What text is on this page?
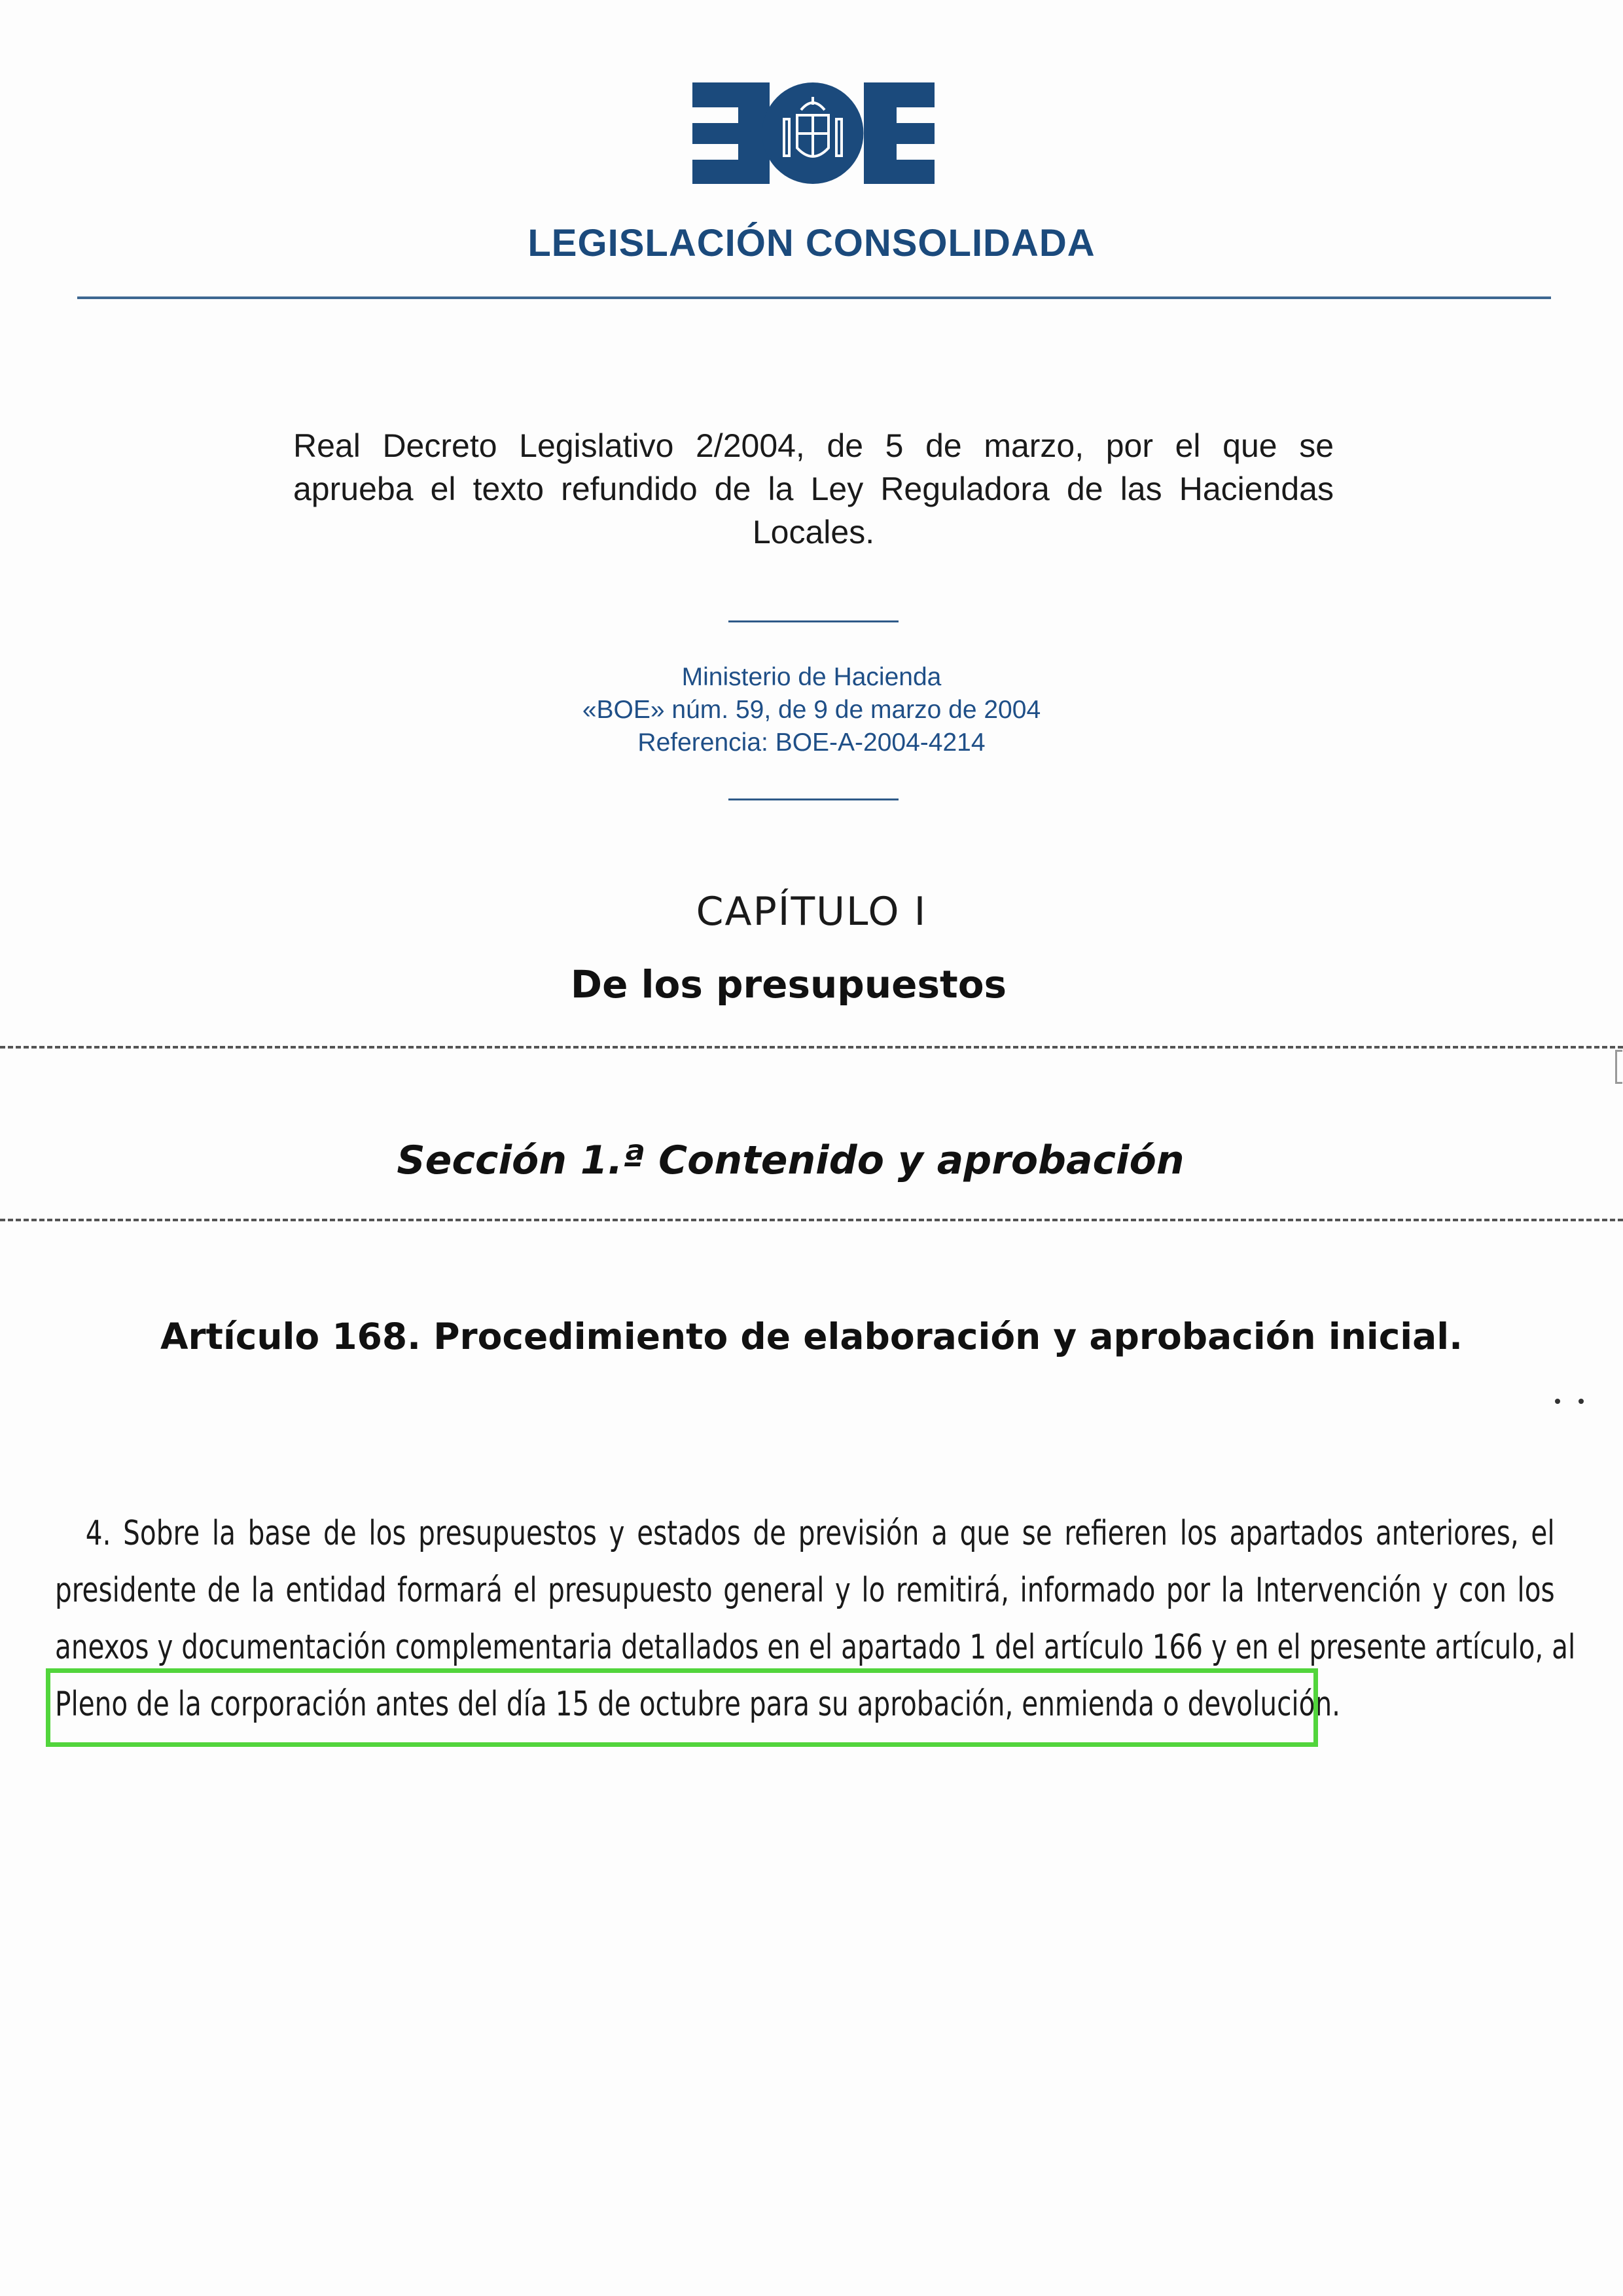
LEGISLACIÓN CONSOLIDADA
Real Decreto Legislativo 2/2004, de 5 de marzo, por el que se
aprueba el texto refundido de la Ley Reguladora de las Haciendas
Locales.
Ministerio de Hacienda
«BOE» núm. 59, de 9 de marzo de 2004
Referencia: BOE-A-2004-4214
CAPÍTULO I
De los presupuestos
Sección 1.ª Contenido y aprobación
Artículo 168. Procedimiento de elaboración y aprobación inicial.
4. Sobre la base de los presupuestos y estados de previsión a que se refieren los apartados anteriores, el
presidente de la entidad formará el presupuesto general y lo remitirá, informado por la Intervención y con los
anexos y documentación complementaria detallados en el apartado 1 del artículo 166 y en el presente artículo, al
Pleno de la corporación antes del día 15 de octubre para su aprobación, enmienda o devolución.
